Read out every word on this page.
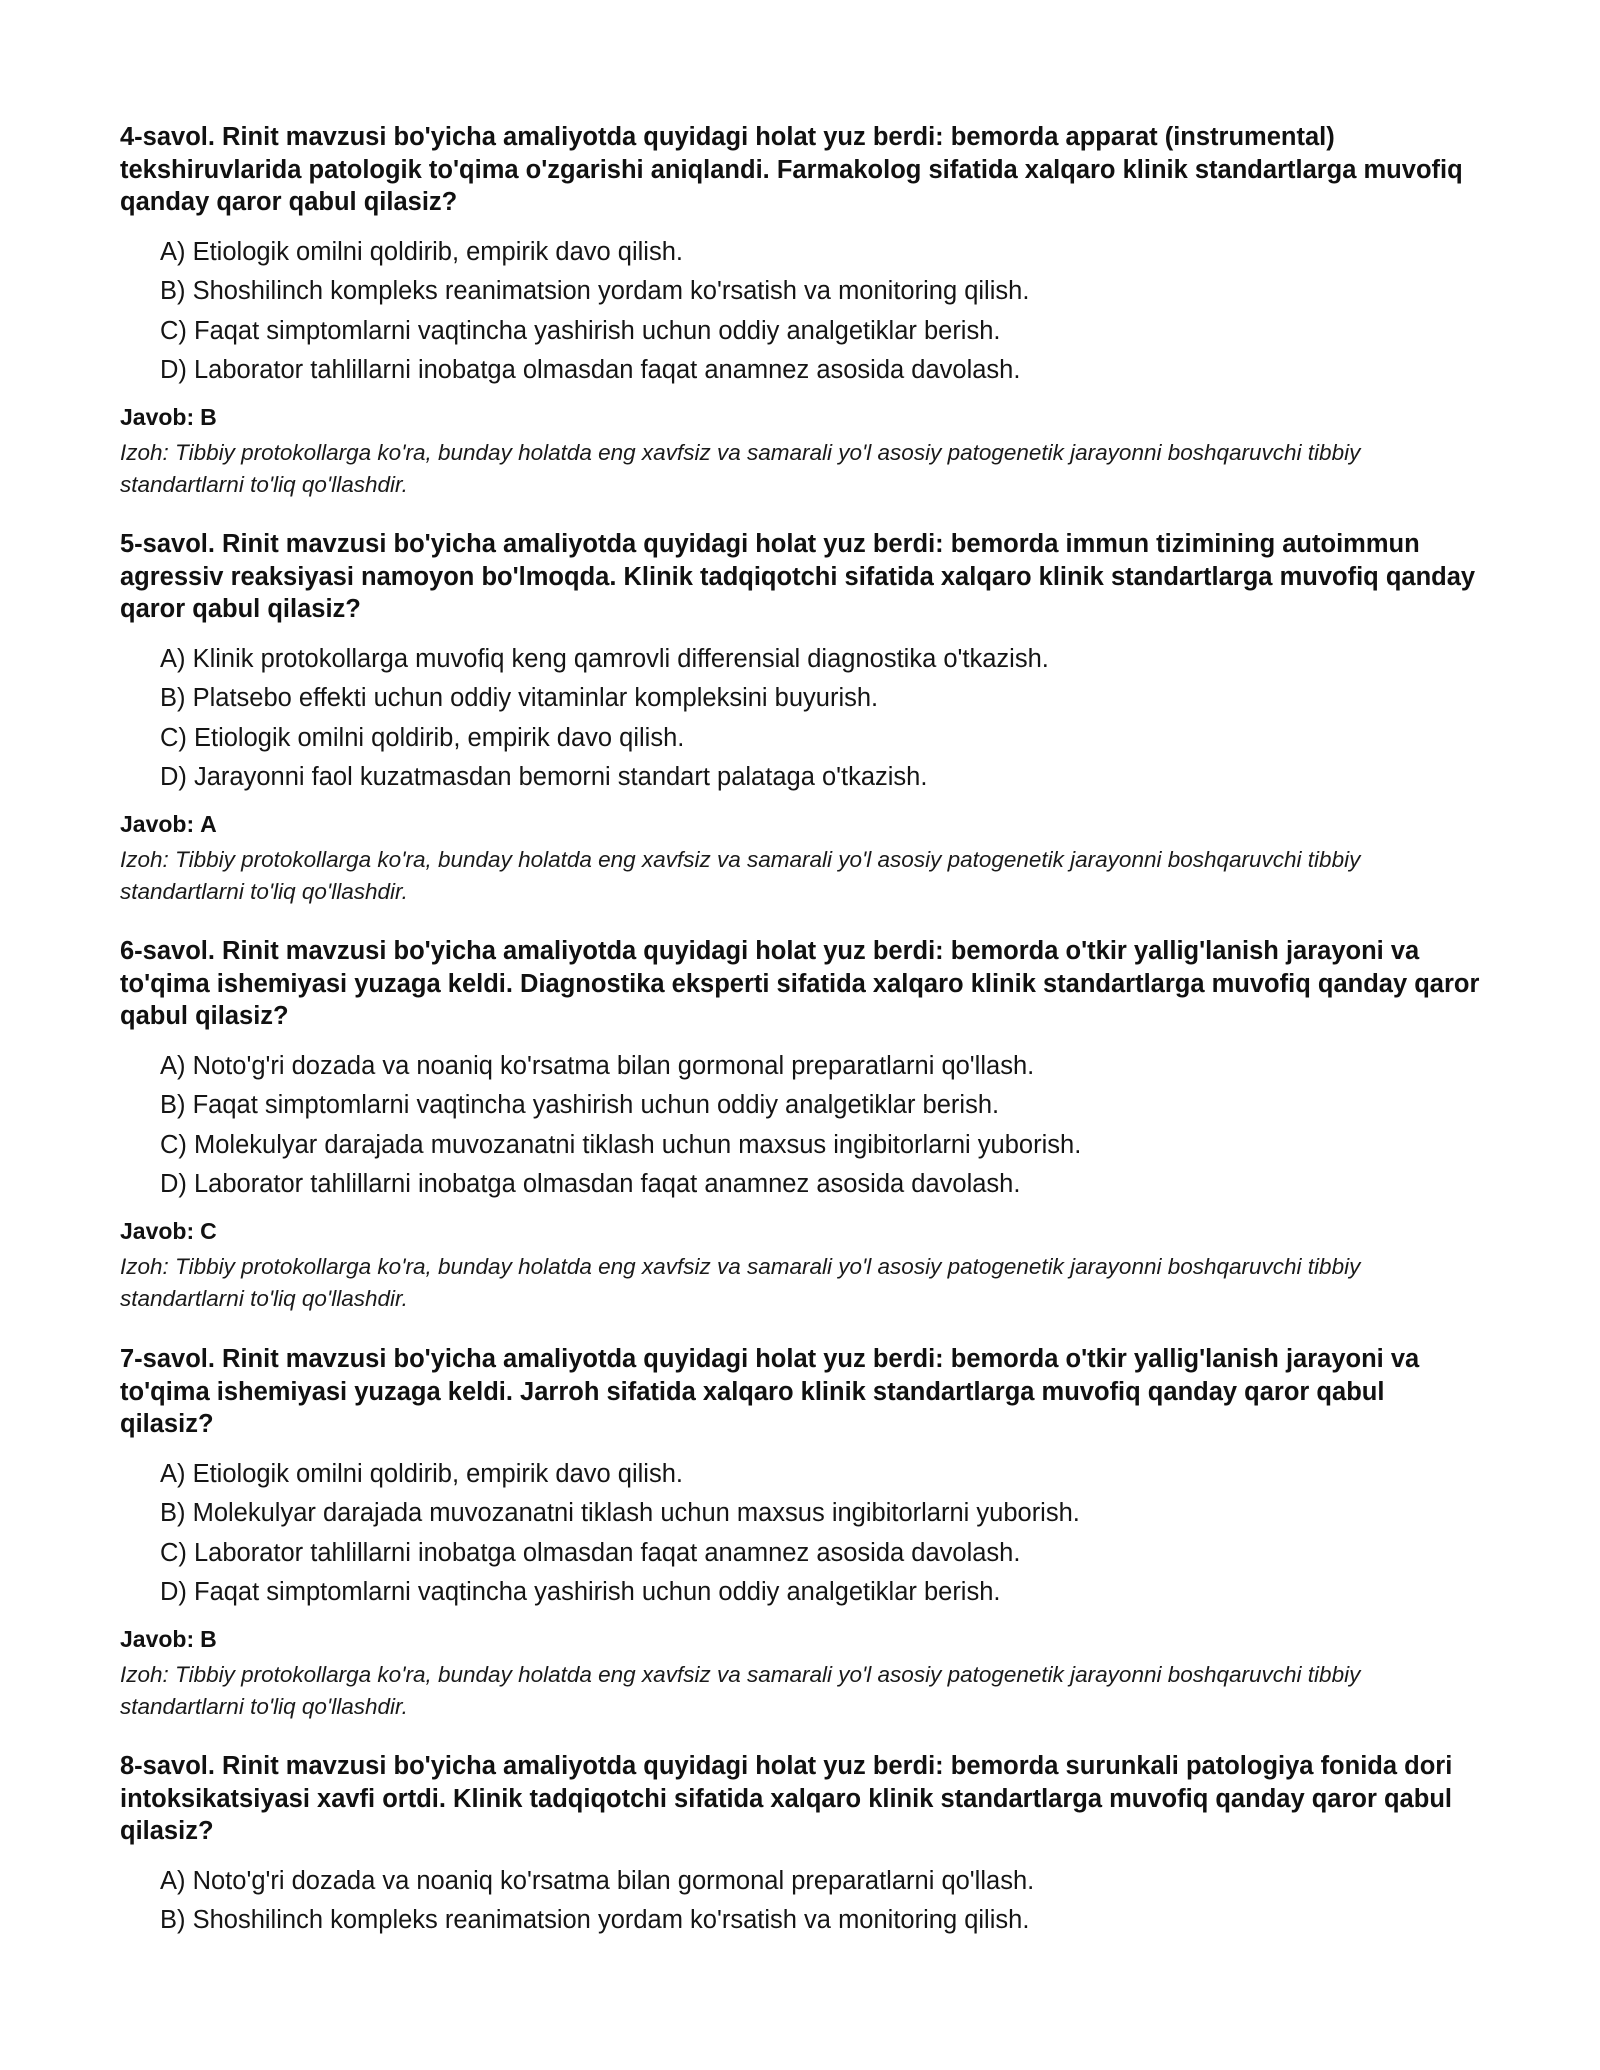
4-savol. Rinit mavzusi bo'yicha amaliyotda quyidagi holat yuz berdi: bemorda apparat (instrumental) tekshiruvlarida patologik to'qima o'zgarishi aniqlandi. Farmakolog sifatida xalqaro klinik standartlarga muvofiq qanday qaror qabul qilasiz?

A) Etiologik omilni qoldirib, empirik davo qilish.
B) Shoshilinch kompleks reanimatsion yordam ko'rsatish va monitoring qilish.
C) Faqat simptomlarni vaqtincha yashirish uchun oddiy analgetiklar berish.
D) Laborator tahlillarni inobatga olmasdan faqat anamnez asosida davolash.
Javob: B
Izoh: Tibbiy protokollarga ko'ra, bunday holatda eng xavfsiz va samarali yo'l asosiy patogenetik jarayonni boshqaruvchi tibbiy standartlarni to'liq qo'llashdir.

5-savol. Rinit mavzusi bo'yicha amaliyotda quyidagi holat yuz berdi: bemorda immun tizimining autoimmun agressiv reaksiyasi namoyon bo'lmoqda. Klinik tadqiqotchi sifatida xalqaro klinik standartlarga muvofiq qanday qaror qabul qilasiz?

A) Klinik protokollarga muvofiq keng qamrovli differensial diagnostika o'tkazish.
B) Platsebo effekti uchun oddiy vitaminlar kompleksini buyurish.
C) Etiologik omilni qoldirib, empirik davo qilish.
D) Jarayonni faol kuzatmasdan bemorni standart palataga o'tkazish.
Javob: A
Izoh: Tibbiy protokollarga ko'ra, bunday holatda eng xavfsiz va samarali yo'l asosiy patogenetik jarayonni boshqaruvchi tibbiy standartlarni to'liq qo'llashdir.

6-savol. Rinit mavzusi bo'yicha amaliyotda quyidagi holat yuz berdi: bemorda o'tkir yallig'lanish jarayoni va to'qima ishemiyasi yuzaga keldi. Diagnostika eksperti sifatida xalqaro klinik standartlarga muvofiq qanday qaror qabul qilasiz?

A) Noto'g'ri dozada va noaniq ko'rsatma bilan gormonal preparatlarni qo'llash.
B) Faqat simptomlarni vaqtincha yashirish uchun oddiy analgetiklar berish.
C) Molekulyar darajada muvozanatni tiklash uchun maxsus ingibitorlarni yuborish.
D) Laborator tahlillarni inobatga olmasdan faqat anamnez asosida davolash.
Javob: C
Izoh: Tibbiy protokollarga ko'ra, bunday holatda eng xavfsiz va samarali yo'l asosiy patogenetik jarayonni boshqaruvchi tibbiy standartlarni to'liq qo'llashdir.

7-savol. Rinit mavzusi bo'yicha amaliyotda quyidagi holat yuz berdi: bemorda o'tkir yallig'lanish jarayoni va to'qima ishemiyasi yuzaga keldi. Jarroh sifatida xalqaro klinik standartlarga muvofiq qanday qaror qabul qilasiz?

A) Etiologik omilni qoldirib, empirik davo qilish.
B) Molekulyar darajada muvozanatni tiklash uchun maxsus ingibitorlarni yuborish.
C) Laborator tahlillarni inobatga olmasdan faqat anamnez asosida davolash.
D) Faqat simptomlarni vaqtincha yashirish uchun oddiy analgetiklar berish.
Javob: B
Izoh: Tibbiy protokollarga ko'ra, bunday holatda eng xavfsiz va samarali yo'l asosiy patogenetik jarayonni boshqaruvchi tibbiy standartlarni to'liq qo'llashdir.

8-savol. Rinit mavzusi bo'yicha amaliyotda quyidagi holat yuz berdi: bemorda surunkali patologiya fonida dori intoksikatsiyasi xavfi ortdi. Klinik tadqiqotchi sifatida xalqaro klinik standartlarga muvofiq qanday qaror qabul qilasiz?

A) Noto'g'ri dozada va noaniq ko'rsatma bilan gormonal preparatlarni qo'llash.
B) Shoshilinch kompleks reanimatsion yordam ko'rsatish va monitoring qilish.
